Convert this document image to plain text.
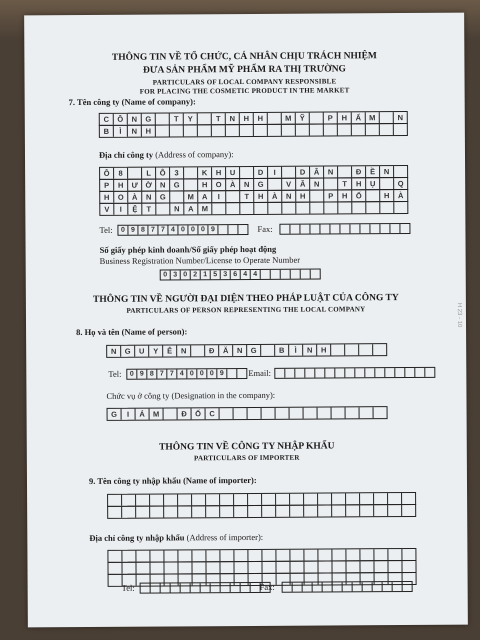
THÔNG TIN VỀ TỔ CHỨC, CÁ NHÂN CHỊU TRÁCH NHIỆM
ĐƯA SẢN PHẨM MỸ PHẨM RA THỊ TRƯỜNG
PARTICULARS OF LOCAL COMPANY RESPONSIBLE
FOR PLACING THE COSMETIC PRODUCT IN THE MARKET
7. Tên công ty (Name of company):
C	Ô	N	G	T	Y	T	N	H	H	M	Ỹ	P	H	Ẩ	M	N
B	Ì	N	H
Địa chỉ công ty (Address of company):
Ô	8	L	Ô	3	K	H	U	D	I	D	Â	N	Đ	Ề	N
P	H	Ư	Ờ	N	G	H	O	À	N	G	V	Ă	N	T	H	Ụ	Q
H	O	À	N	G	M	A	I	T	H	À	N	H	P	H	Ố	H	À
V	I	Ệ	T	N	A	M
Tel:	0 9 8 7 7 4 0 0 0 9	Fax:
Số giấy phép kinh doanh/Số giấy phép hoạt động
Business Registration Number/License to Operate Number
0 3 0 2 1 5 3 6 4 4
THÔNG TIN VỀ NGƯỜI ĐẠI DIỆN THEO PHÁP LUẬT CỦA CÔNG TY
PARTICULARS OF PERSON REPRESENTING THE LOCAL COMPANY
8. Họ và tên (Name of person):
N	G	U	Y	Ễ	N	Đ	Ă	N	G	B	Ì	N	H
Tel:	0 9 8 7 7 4 0 0 0 9	Email:
Chức vụ ở công ty (Designation in the company):
G	I	Á	M	Đ	Ố	C
THÔNG TIN VỀ CÔNG TY NHẬP KHẨU
PARTICULARS OF IMPORTER
9. Tên công ty nhập khẩu (Name of importer):
Địa chỉ công ty nhập khẩu (Address of importer):
Tel:	Fax:
H 23 - 10
